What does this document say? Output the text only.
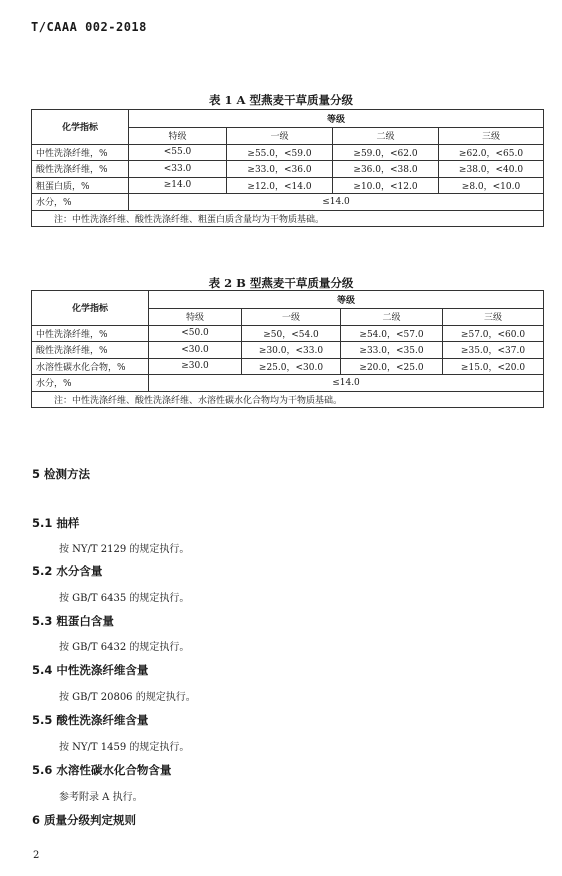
T/CAAA 002-2018
表 1 A 型燕麦干草质量分级
化学指标	等级			
	特级	一级	二级	三级
中性洗涤纤维，%	<55.0	≥55.0，<59.0	≥59.0，<62.0	≥62.0，<65.0
酸性洗涤纤维，%	<33.0	≥33.0，<36.0	≥36.0，<38.0	≥38.0，<40.0
粗蛋白质，%	≥14.0	≥12.0，<14.0	≥10.0，<12.0	≥8.0，<10.0
水分，%	≤14.0			
注：中性洗涤纤维、酸性洗涤纤维、粗蛋白质含量均为干物质基础。				
表 2 B 型燕麦干草质量分级
化学指标	等级			
	特级	一级	二级	三级
中性洗涤纤维，%	<50.0	≥50，<54.0	≥54.0，<57.0	≥57.0，<60.0
酸性洗涤纤维，%	<30.0	≥30.0，<33.0	≥33.0，<35.0	≥35.0，<37.0
水溶性碳水化合物，%	≥30.0	≥25.0，<30.0	≥20.0，<25.0	≥15.0，<20.0
水分，%	≤14.0			
注：中性洗涤纤维、酸性洗涤纤维、水溶性碳水化合物均为干物质基础。				
5 检测方法
5.1 抽样
按 NY/T 2129 的规定执行。
5.2 水分含量
按 GB/T 6435 的规定执行。
5.3 粗蛋白含量
按 GB/T 6432 的规定执行。
5.4 中性洗涤纤维含量
按 GB/T 20806 的规定执行。
5.5 酸性洗涤纤维含量
按 NY/T 1459 的规定执行。
5.6 水溶性碳水化合物含量
参考附录 A 执行。
6 质量分级判定规则
2
